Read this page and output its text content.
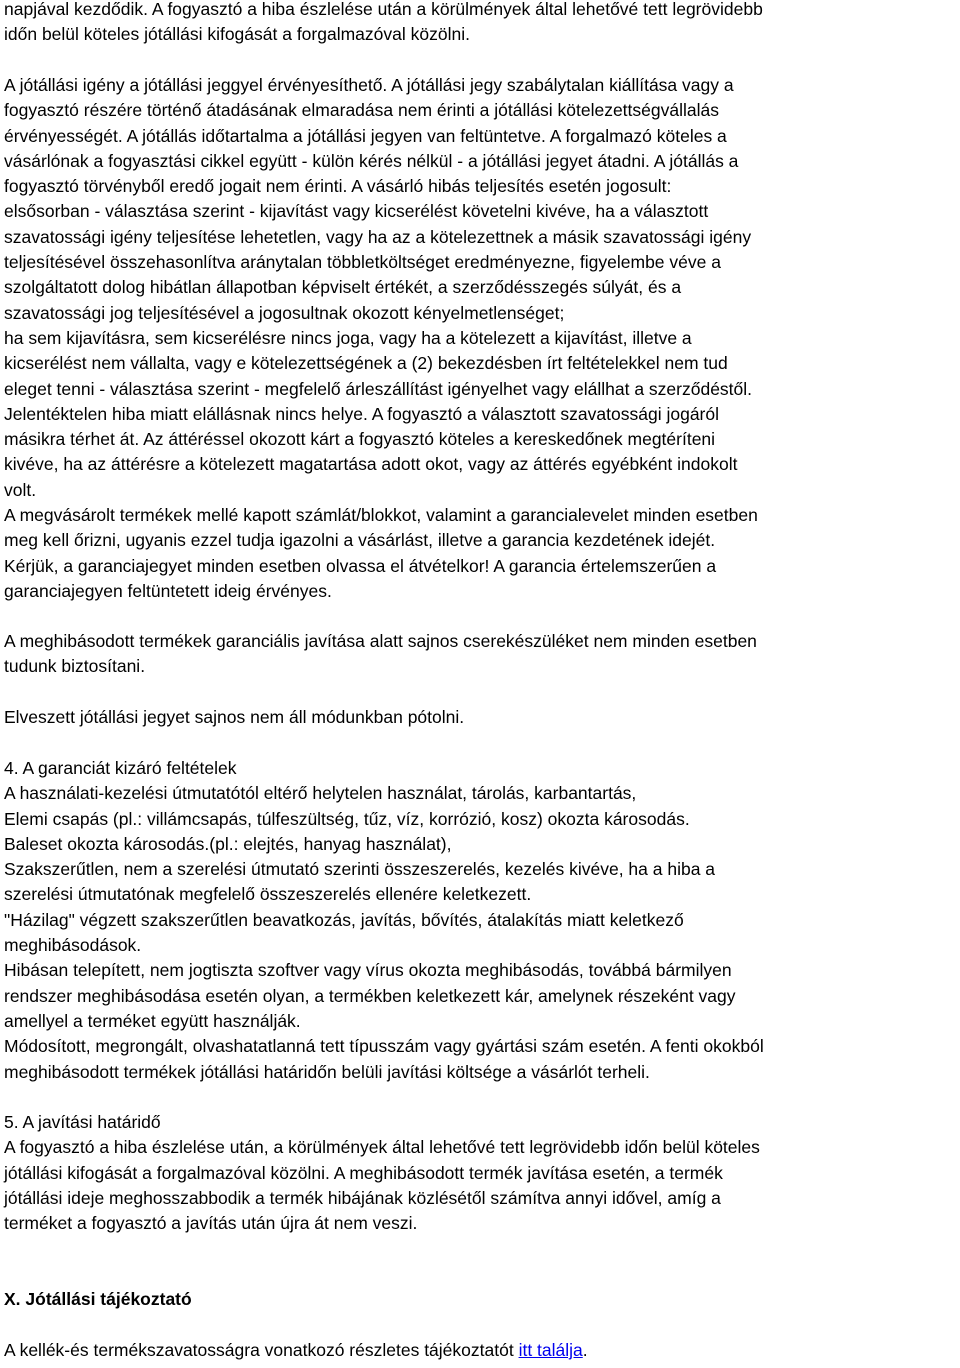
napjával kezdődik. A fogyasztó a hiba észlelése után a körülmények által lehetővé tett legrövidebb
időn belül köteles jótállási kifogását a forgalmazóval közölni.
A jótállási igény a jótállási jeggyel érvényesíthető. A jótállási jegy szabálytalan kiállítása vagy a
fogyasztó részére történő átadásának elmaradása nem érinti a jótállási kötelezettségvállalás
érvényességét. A jótállás időtartalma a jótállási jegyen van feltüntetve. A forgalmazó köteles a
vásárlónak a fogyasztási cikkel együtt - külön kérés nélkül - a jótállási jegyet átadni. A jótállás a
fogyasztó törvényből eredő jogait nem érinti. A vásárló hibás teljesítés esetén jogosult:
elsősorban - választása szerint - kijavítást vagy kicserélést követelni kivéve, ha a választott
szavatossági igény teljesítése lehetetlen, vagy ha az a kötelezettnek a másik szavatossági igény
teljesítésével összehasonlítva aránytalan többletköltséget eredményezne, figyelembe véve a
szolgáltatott dolog hibátlan állapotban képviselt értékét, a szerződésszegés súlyát, és a
szavatossági jog teljesítésével a jogosultnak okozott kényelmetlenséget;
ha sem kijavításra, sem kicserélésre nincs joga, vagy ha a kötelezett a kijavítást, illetve a
kicserélést nem vállalta, vagy e kötelezettségének a (2) bekezdésben írt feltételekkel nem tud
eleget tenni - választása szerint - megfelelő árleszállítást igényelhet vagy elállhat a szerződéstől.
Jelentéktelen hiba miatt elállásnak nincs helye. A fogyasztó a választott szavatossági jogáról
másikra térhet át. Az áttéréssel okozott kárt a fogyasztó köteles a kereskedőnek megtéríteni
kivéve, ha az áttérésre a kötelezett magatartása adott okot, vagy az áttérés egyébként indokolt
volt.
A megvásárolt termékek mellé kapott számlát/blokkot, valamint a garancialevelet minden esetben
meg kell őrizni, ugyanis ezzel tudja igazolni a vásárlást, illetve a garancia kezdetének idejét.
Kérjük, a garanciajegyet minden esetben olvassa el átvételkor! A garancia értelemszerűen a
garanciajegyen feltüntetett ideig érvényes.
A meghibásodott termékek garanciális javítása alatt sajnos cserekészüléket nem minden esetben
tudunk biztosítani.
Elveszett jótállási jegyet sajnos nem áll módunkban pótolni.
4. A garanciát kizáró feltételek
A használati-kezelési útmutatótól eltérő helytelen használat, tárolás, karbantartás,
Elemi csapás (pl.: villámcsapás, túlfeszültség, tűz, víz, korrózió, kosz) okozta károsodás.
Baleset okozta károsodás.(pl.: elejtés, hanyag használat),
Szakszerűtlen, nem a szerelési útmutató szerinti összeszerelés, kezelés kivéve, ha a hiba a
szerelési útmutatónak megfelelő összeszerelés ellenére keletkezett.
"Házilag" végzett szakszerűtlen beavatkozás, javítás, bővítés, átalakítás miatt keletkező
meghibásodások.
Hibásan telepített, nem jogtiszta szoftver vagy vírus okozta meghibásodás, továbbá bármilyen
rendszer meghibásodása esetén olyan, a termékben keletkezett kár, amelynek részeként vagy
amellyel a terméket együtt használják.
Módosított, megrongált, olvashatatlanná tett típusszám vagy gyártási szám esetén. A fenti okokból
meghibásodott termékek jótállási határidőn belüli javítási költsége a vásárlót terheli.
5. A javítási határidő
A fogyasztó a hiba észlelése után, a körülmények által lehetővé tett legrövidebb időn belül köteles
jótállási kifogását a forgalmazóval közölni. A meghibásodott termék javítása esetén, a termék
jótállási ideje meghosszabbodik a termék hibájának közlésétől számítva annyi idővel, amíg a
terméket a fogyasztó a javítás után újra át nem veszi.
X. Jótállási tájékoztató
A kellék-és termékszavatosságra vonatkozó részletes tájékoztatót itt találja.
